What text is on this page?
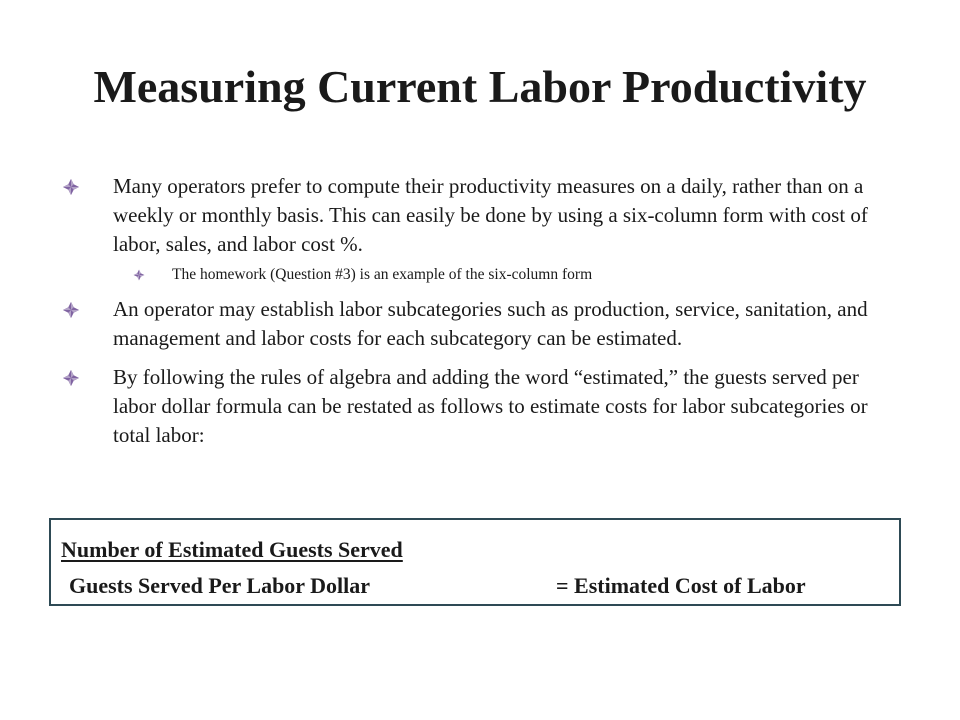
Measuring Current Labor Productivity
Many operators prefer to compute their productivity measures on a daily, rather than on a weekly or monthly basis. This can easily be done by using a six-column form with cost of labor, sales, and labor cost %.
The homework (Question #3) is an example of the six-column form
An operator may establish labor subcategories such as production, service, sanitation, and management and labor costs for each subcategory can be estimated.
By following the rules of algebra and adding the word “estimated,” the guests served per labor dollar formula can be restated as follows to estimate costs for labor subcategories or total labor:
Number of Estimated Guests Served
Guests Served Per Labor Dollar	= Estimated Cost of Labor
